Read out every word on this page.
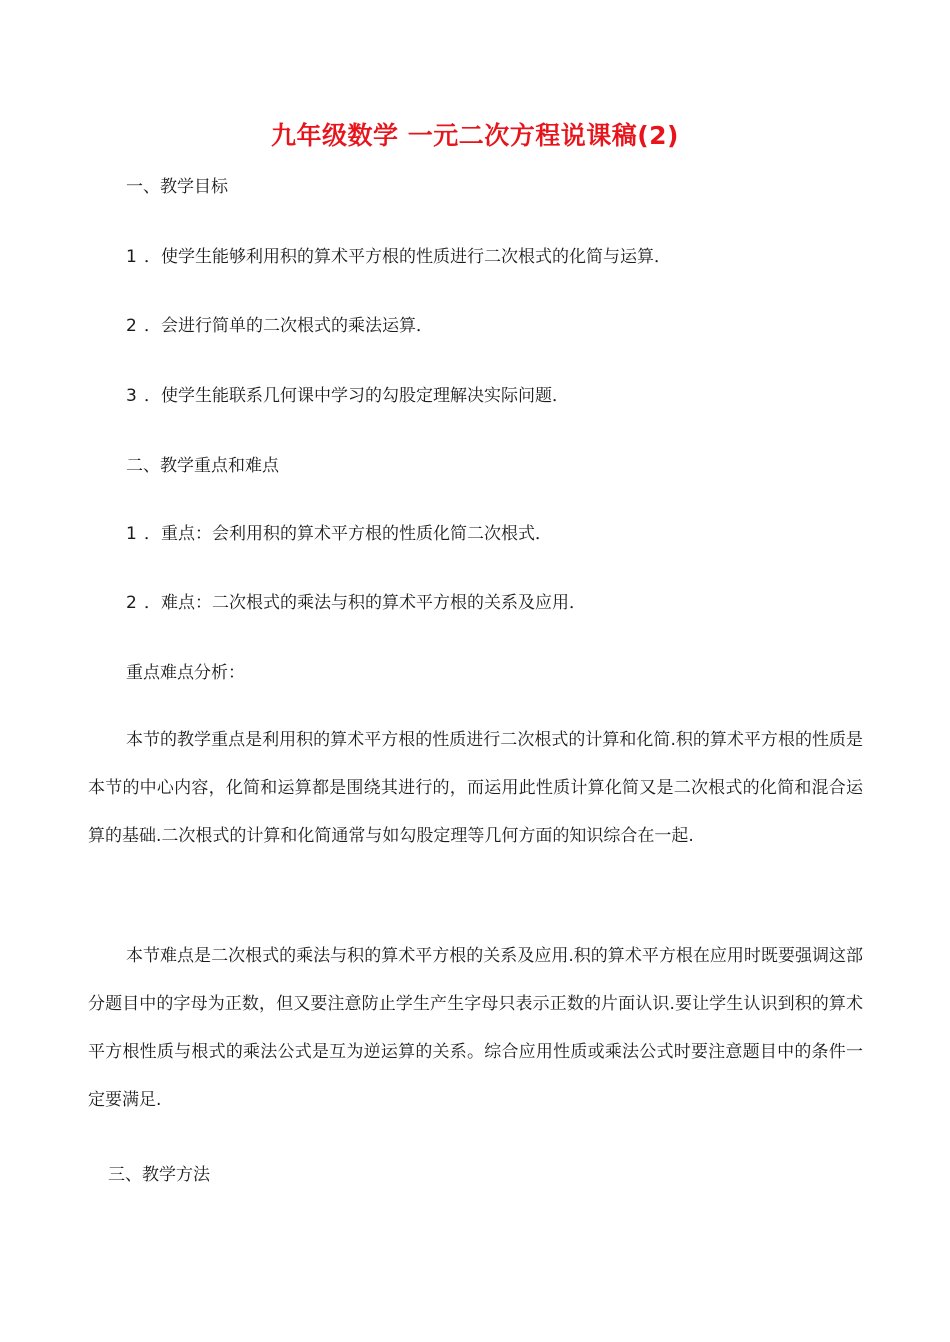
九年级数学 一元二次方程说课稿(2)
一、教学目标
1 ．使学生能够利用积的算术平方根的性质进行二次根式的化简与运算．
2 ．会进行简单的二次根式的乘法运算．
3 ．使学生能联系几何课中学习的勾股定理解决实际问题．
二、教学重点和难点
1 ．重点：会利用积的算术平方根的性质化简二次根式．
2 ．难点：二次根式的乘法与积的算术平方根的关系及应用．
重点难点分析：

本节的教学重点是利用积的算术平方根的性质进行二次根式的计算和化简.积的算术平方根的性质是本节的中心内容，化简和运算都是围绕其进行的，而运用此性质计算化简又是二次根式的化简和混合运算的基础.二次根式的计算和化简通常与如勾股定理等几何方面的知识综合在一起.

本节难点是二次根式的乘法与积的算术平方根的关系及应用.积的算术平方根在应用时既要强调这部分题目中的字母为正数，但又要注意防止学生产生字母只表示正数的片面认识.要让学生认识到积的算术平方根性质与根式的乘法公式是互为逆运算的关系。综合应用性质或乘法公式时要注意题目中的条件一定要满足.

三、教学方法
